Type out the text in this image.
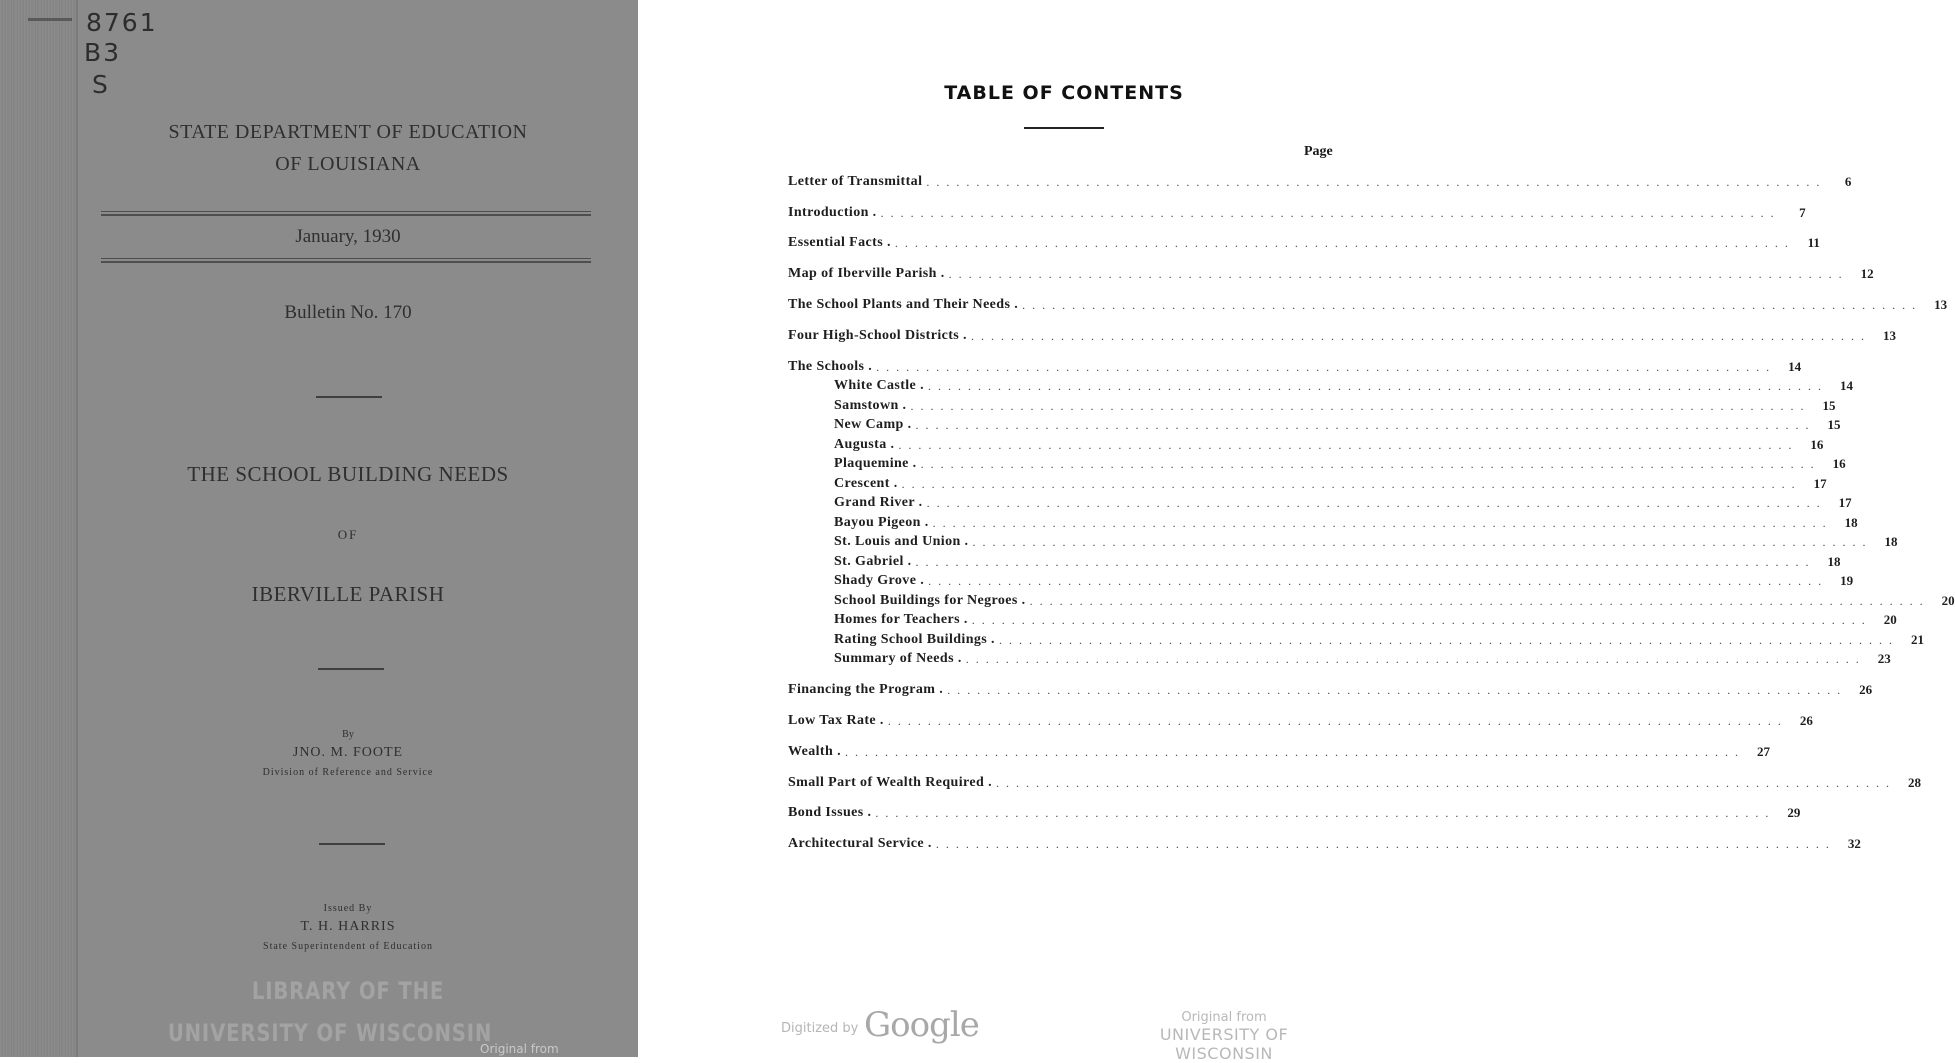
8761
B3
S
STATE DEPARTMENT OF EDUCATION
OF LOUISIANA
January, 1930
Bulletin No. 170
THE SCHOOL BUILDING NEEDS
OF
IBERVILLE PARISH
By
JNO. M. FOOTE
Division of Reference and Service
Issued By
T. H. HARRIS
State Superintendent of Education
LIBRARY OF THE
UNIVERSITY OF WISCONSIN
Original from
TABLE OF CONTENTS
Page
Letter of Transmittal . . . . . . . . . . . . . . . . . . . . . . . . . . . . . . . . . . . . . . . . . . . . . . . . . . . . . . . . . . . . . . . . . . . . . . . . . . . . . . . . . . . . . . . . . .	6
Introduction . . . . . . . . . . . . . . . . . . . . . . . . . . . . . . . . . . . . . . . . . . . . . . . . . . . . . . . . . . . . . . . . . . . . . . . . . . . . . . . . . . . . . . . . . . .	7
Essential Facts . . . . . . . . . . . . . . . . . . . . . . . . . . . . . . . . . . . . . . . . . . . . . . . . . . . . . . . . . . . . . . . . . . . . . . . . . . . . . . . . . . . . . . . . . . .	11
Map of Iberville Parish . . . . . . . . . . . . . . . . . . . . . . . . . . . . . . . . . . . . . . . . . . . . . . . . . . . . . . . . . . . . . . . . . . . . . . . . . . . . . . . . . . . . . . . . . . .	12
The School Plants and Their Needs . . . . . . . . . . . . . . . . . . . . . . . . . . . . . . . . . . . . . . . . . . . . . . . . . . . . . . . . . . . . . . . . . . . . . . . . . . . . . . . . . . . . . . . . . . .	13
Four High-School Districts . . . . . . . . . . . . . . . . . . . . . . . . . . . . . . . . . . . . . . . . . . . . . . . . . . . . . . . . . . . . . . . . . . . . . . . . . . . . . . . . . . . . . . . . . . .	13
The Schools . . . . . . . . . . . . . . . . . . . . . . . . . . . . . . . . . . . . . . . . . . . . . . . . . . . . . . . . . . . . . . . . . . . . . . . . . . . . . . . . . . . . . . . . . . .	14
White Castle . . . . . . . . . . . . . . . . . . . . . . . . . . . . . . . . . . . . . . . . . . . . . . . . . . . . . . . . . . . . . . . . . . . . . . . . . . . . . . . . . . . . . . . . . . .	14
Samstown . . . . . . . . . . . . . . . . . . . . . . . . . . . . . . . . . . . . . . . . . . . . . . . . . . . . . . . . . . . . . . . . . . . . . . . . . . . . . . . . . . . . . . . . . . .	15
New Camp . . . . . . . . . . . . . . . . . . . . . . . . . . . . . . . . . . . . . . . . . . . . . . . . . . . . . . . . . . . . . . . . . . . . . . . . . . . . . . . . . . . . . . . . . . .	15
Augusta . . . . . . . . . . . . . . . . . . . . . . . . . . . . . . . . . . . . . . . . . . . . . . . . . . . . . . . . . . . . . . . . . . . . . . . . . . . . . . . . . . . . . . . . . . .	16
Plaquemine . . . . . . . . . . . . . . . . . . . . . . . . . . . . . . . . . . . . . . . . . . . . . . . . . . . . . . . . . . . . . . . . . . . . . . . . . . . . . . . . . . . . . . . . . . .	16
Crescent . . . . . . . . . . . . . . . . . . . . . . . . . . . . . . . . . . . . . . . . . . . . . . . . . . . . . . . . . . . . . . . . . . . . . . . . . . . . . . . . . . . . . . . . . . .	17
Grand River . . . . . . . . . . . . . . . . . . . . . . . . . . . . . . . . . . . . . . . . . . . . . . . . . . . . . . . . . . . . . . . . . . . . . . . . . . . . . . . . . . . . . . . . . . .	17
Bayou Pigeon . . . . . . . . . . . . . . . . . . . . . . . . . . . . . . . . . . . . . . . . . . . . . . . . . . . . . . . . . . . . . . . . . . . . . . . . . . . . . . . . . . . . . . . . . . .	18
St. Louis and Union . . . . . . . . . . . . . . . . . . . . . . . . . . . . . . . . . . . . . . . . . . . . . . . . . . . . . . . . . . . . . . . . . . . . . . . . . . . . . . . . . . . . . . . . . . .	18
St. Gabriel . . . . . . . . . . . . . . . . . . . . . . . . . . . . . . . . . . . . . . . . . . . . . . . . . . . . . . . . . . . . . . . . . . . . . . . . . . . . . . . . . . . . . . . . . . .	18
Shady Grove . . . . . . . . . . . . . . . . . . . . . . . . . . . . . . . . . . . . . . . . . . . . . . . . . . . . . . . . . . . . . . . . . . . . . . . . . . . . . . . . . . . . . . . . . . .	19
School Buildings for Negroes . . . . . . . . . . . . . . . . . . . . . . . . . . . . . . . . . . . . . . . . . . . . . . . . . . . . . . . . . . . . . . . . . . . . . . . . . . . . . . . . . . . . . . . . . . .	20
Homes for Teachers . . . . . . . . . . . . . . . . . . . . . . . . . . . . . . . . . . . . . . . . . . . . . . . . . . . . . . . . . . . . . . . . . . . . . . . . . . . . . . . . . . . . . . . . . . .	20
Rating School Buildings . . . . . . . . . . . . . . . . . . . . . . . . . . . . . . . . . . . . . . . . . . . . . . . . . . . . . . . . . . . . . . . . . . . . . . . . . . . . . . . . . . . . . . . . . . .	21
Summary of Needs . . . . . . . . . . . . . . . . . . . . . . . . . . . . . . . . . . . . . . . . . . . . . . . . . . . . . . . . . . . . . . . . . . . . . . . . . . . . . . . . . . . . . . . . . . .	23
Financing the Program . . . . . . . . . . . . . . . . . . . . . . . . . . . . . . . . . . . . . . . . . . . . . . . . . . . . . . . . . . . . . . . . . . . . . . . . . . . . . . . . . . . . . . . . . . .	26
Low Tax Rate . . . . . . . . . . . . . . . . . . . . . . . . . . . . . . . . . . . . . . . . . . . . . . . . . . . . . . . . . . . . . . . . . . . . . . . . . . . . . . . . . . . . . . . . . . .	26
Wealth . . . . . . . . . . . . . . . . . . . . . . . . . . . . . . . . . . . . . . . . . . . . . . . . . . . . . . . . . . . . . . . . . . . . . . . . . . . . . . . . . . . . . . . . . . .	27
Small Part of Wealth Required . . . . . . . . . . . . . . . . . . . . . . . . . . . . . . . . . . . . . . . . . . . . . . . . . . . . . . . . . . . . . . . . . . . . . . . . . . . . . . . . . . . . . . . . . . .	28
Bond Issues . . . . . . . . . . . . . . . . . . . . . . . . . . . . . . . . . . . . . . . . . . . . . . . . . . . . . . . . . . . . . . . . . . . . . . . . . . . . . . . . . . . . . . . . . . .	29
Architectural Service . . . . . . . . . . . . . . . . . . . . . . . . . . . . . . . . . . . . . . . . . . . . . . . . . . . . . . . . . . . . . . . . . . . . . . . . . . . . . . . . . . . . . . . . . . .	32
Digitized by Google	Original from
UNIVERSITY OF WISCONSIN
